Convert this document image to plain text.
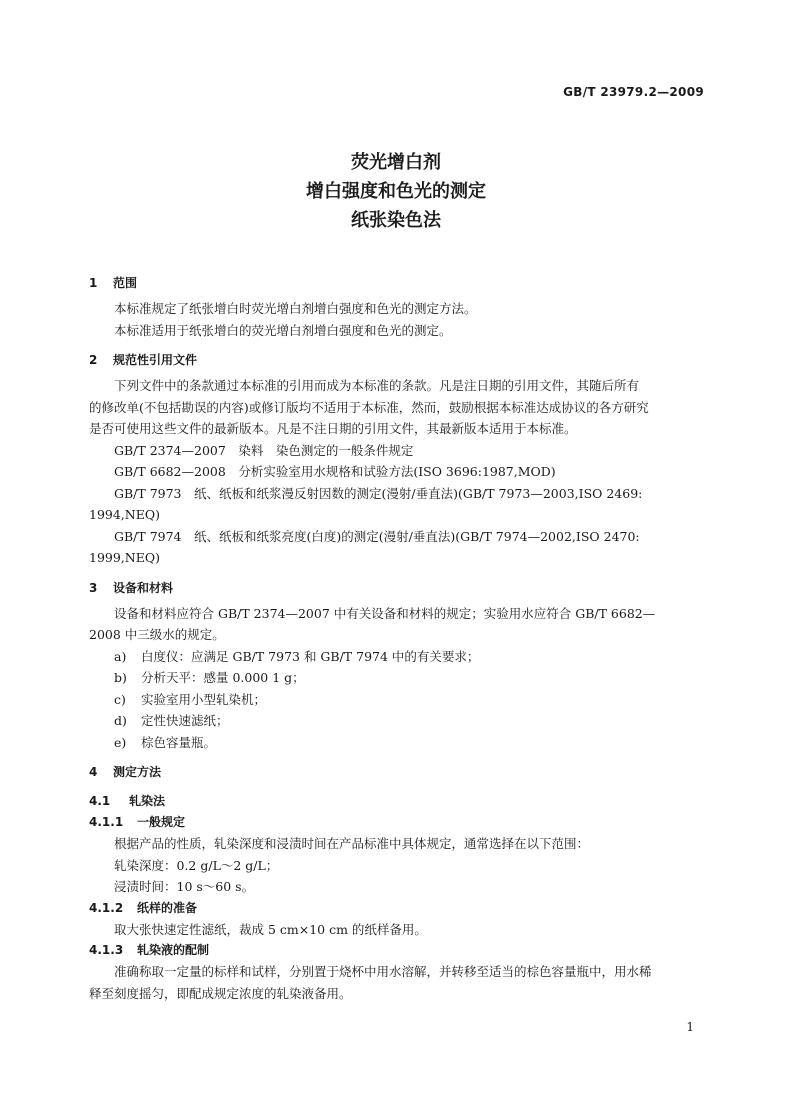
GB/T 23979.2—2009
荧光增白剂
增白强度和色光的测定
纸张染色法
1 范围

本标准规定了纸张增白时荧光增白剂增白强度和色光的测定方法。

本标准适用于纸张增白的荧光增白剂增白强度和色光的测定。

2 规范性引用文件

下列文件中的条款通过本标准的引用而成为本标准的条款。凡是注日期的引用文件，其随后所有

的修改单(不包括勘误的内容)或修订版均不适用于本标准，然而，鼓励根据本标准达成协议的各方研究

是否可使用这些文件的最新版本。凡是不注日期的引用文件，其最新版本适用于本标准。

GB/T 2374—2007　染料　染色测定的一般条件规定

GB/T 6682—2008　分析实验室用水规格和试验方法(ISO 3696:1987,MOD)

GB/T 7973　纸、纸板和纸浆漫反射因数的测定(漫射/垂直法)(GB/T 7973—2003,ISO 2469:

1994,NEQ)

GB/T 7974　纸、纸板和纸浆亮度(白度)的测定(漫射/垂直法)(GB/T 7974—2002,ISO 2470:

1999,NEQ)

3 设备和材料

设备和材料应符合 GB/T 2374—2007 中有关设备和材料的规定；实验用水应符合 GB/T 6682—

2008 中三级水的规定。

a) 白度仪：应满足 GB/T 7973 和 GB/T 7974 中的有关要求；
b) 分析天平：感量 0.000 1 g；
c) 实验室用小型轧染机；
d) 定性快速滤纸；
e) 棕色容量瓶。
4 测定方法
4.1 轧染法
4.1.1 一般规定

根据产品的性质，轧染深度和浸渍时间在产品标准中具体规定，通常选择在以下范围：

轧染深度：0.2 g/L～2 g/L；

浸渍时间：10 s～60 s。

4.1.2 纸样的准备

取大张快速定性滤纸，裁成 5 cm×10 cm 的纸样备用。

4.1.3 轧染液的配制

准确称取一定量的标样和试样，分别置于烧杯中用水溶解，并转移至适当的棕色容量瓶中，用水稀

释至刻度摇匀，即配成规定浓度的轧染液备用。

1
